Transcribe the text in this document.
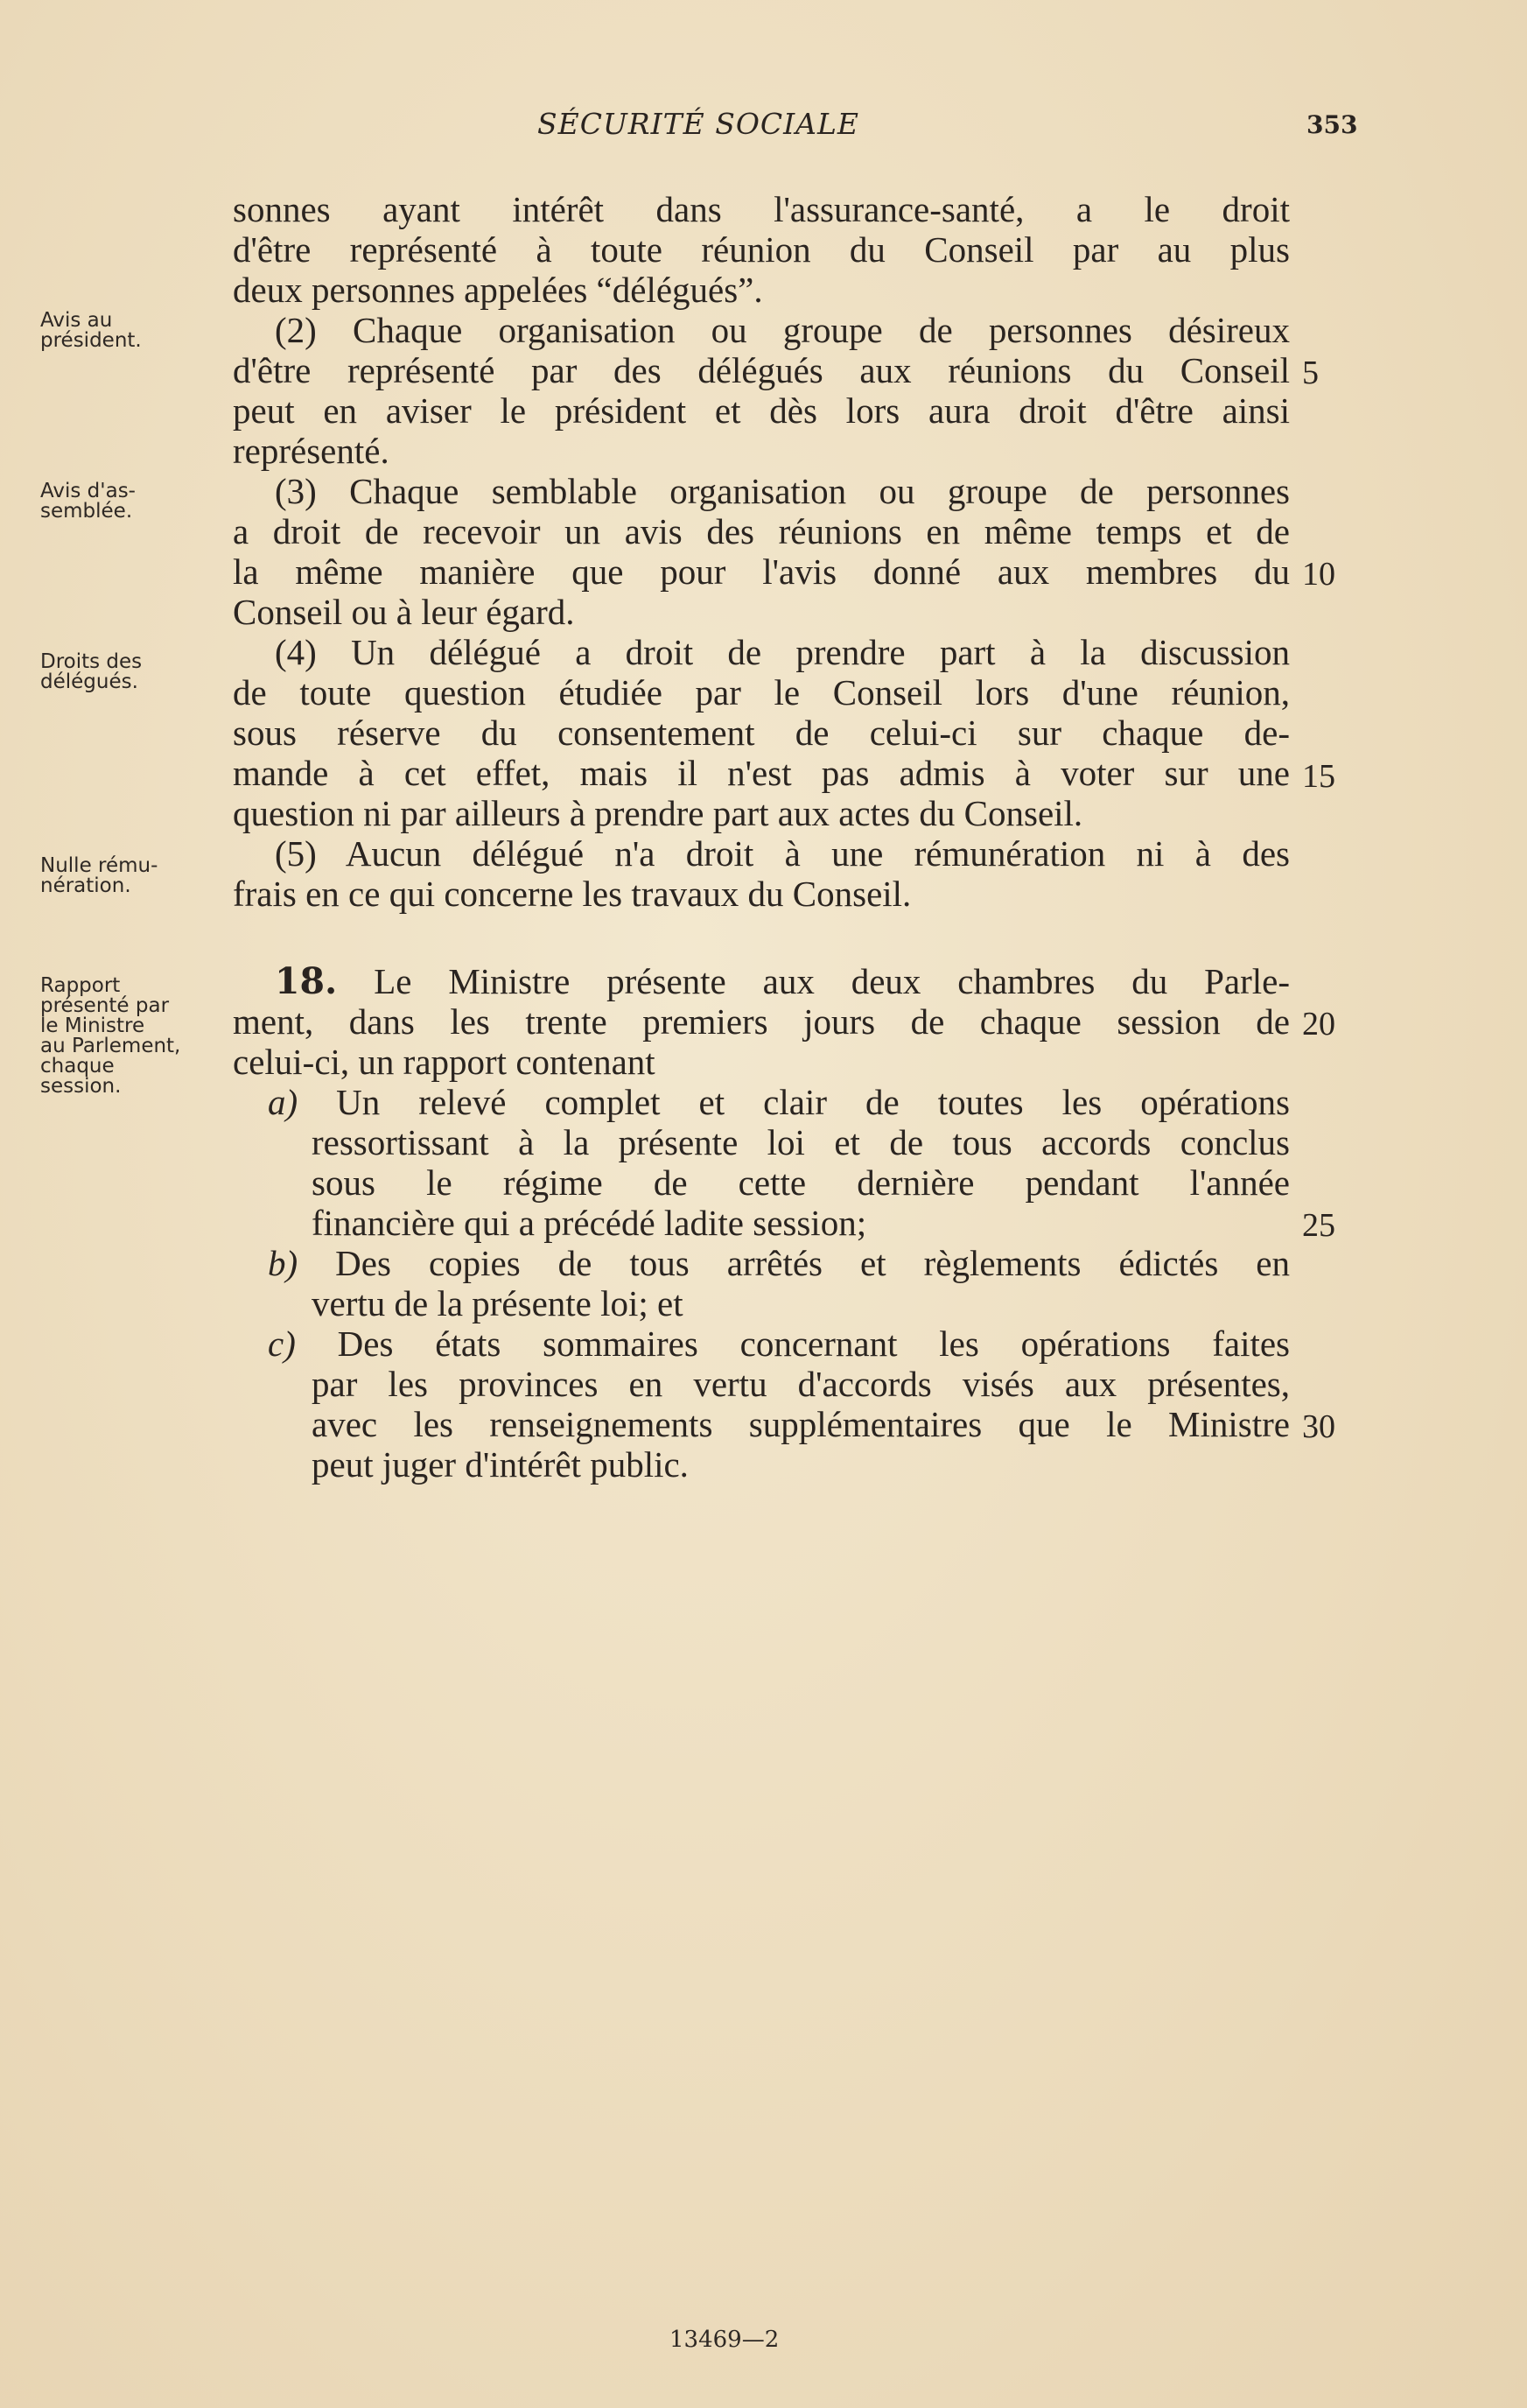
SÉCURITÉ SOCIALE	353
Avis au
président.
Avis d'as-
semblée.
Droits des
délégués.
Nulle rému-
nération.
Rapport
présenté par
le Ministre
au Parlement,
chaque
session.
sonnes ayant intérêt dans l'assurance-santé, a le droit
d'être représenté à toute réunion du Conseil par au plus
deux personnes appelées “délégués”.
(2) Chaque organisation ou groupe de personnes désireux
d'être représenté par des délégués aux réunions du Conseil
peut en aviser le président et dès lors aura droit d'être ainsi
représenté.
(3) Chaque semblable organisation ou groupe de personnes
a droit de recevoir un avis des réunions en même temps et de
la même manière que pour l'avis donné aux membres du
Conseil ou à leur égard.
(4) Un délégué a droit de prendre part à la discussion
de toute question étudiée par le Conseil lors d'une réunion,
sous réserve du consentement de celui-ci sur chaque de-
mande à cet effet, mais il n'est pas admis à voter sur une
question ni par ailleurs à prendre part aux actes du Conseil.
(5) Aucun délégué n'a droit à une rémunération ni à des
frais en ce qui concerne les travaux du Conseil.
18. Le Ministre présente aux deux chambres du Parle-
ment, dans les trente premiers jours de chaque session de
celui-ci, un rapport contenant
a) Un relevé complet et clair de toutes les opérations
ressortissant à la présente loi et de tous accords conclus
sous le régime de cette dernière pendant l'année
financière qui a précédé ladite session;
b) Des copies de tous arrêtés et règlements édictés en
vertu de la présente loi; et
c) Des états sommaires concernant les opérations faites
par les provinces en vertu d'accords visés aux présentes,
avec les renseignements supplémentaires que le Ministre
peut juger d'intérêt public.
5
10
15
20
25
30
13469—2
